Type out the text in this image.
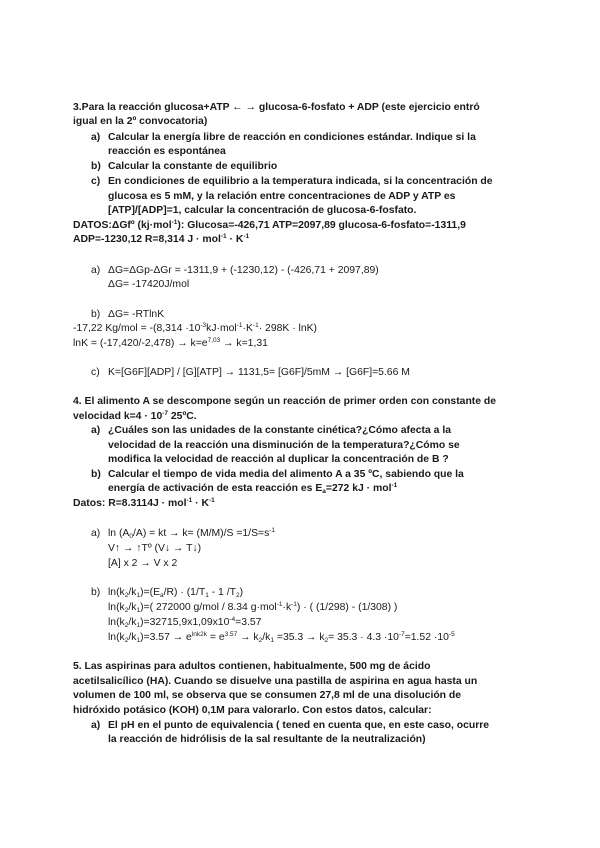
3.Para la reacción glucosa+ATP ← → glucosa-6-fosfato + ADP (este ejercicio entró
igual en la 2º convocatoria)
a) Calcular la energía libre de reacción en condiciones estándar. Indique si la
reacción es espontánea
b) Calcular la constante de equilibrio
c) En condiciones de equilibrio a la temperatura indicada, si la concentración de
glucosa es 5 mM, y la relación entre concentraciones de ADP y ATP es
[ATP]/[ADP]=1, calcular la concentración de glucosa-6-fosfato.
DATOS:ΔGfº (kj·mol$^{-1}$): Glucosa=-426,71 ATP=2097,89 glucosa-6-fosfato=-1311,9
ADP=-1230,12 R=8,314 $J \cdot mol^{-1} \cdot K^{-1}$
a) ΔG=ΔGp-ΔGr = -1311,9 + (-1230,12) - (-426,71 + 2097,89)
ΔG= -17420J/mol
b) ΔG= -RTlnK
-17,22 $Kg/mol = -(8,314 \cdot 10^{-3}kJ\cdot mol^{-1}\cdot K^{-1}\cdot 298K \cdot \ln K)$
$\ln K = (-17,420/-2,478) \to k=e^{7,03} \to k=1,31$
c) K=[G6F][ADP] / [G][ATP] → 1131,5= [G6F]/5mM → [G6F]=5.66 M
4. El alimento A se descompone según un reacción de primer orden con constante de
velocidad $k=4 \cdot 10^{-7}$ 25ºC.
a) ¿Cuáles son las unidades de la constante cinética?¿Cómo afecta a la
velocidad de la reacción una disminución de la temperatura?¿Cómo se
modifica la velocidad de reacción al duplicar la concentración de B ?
b) Calcular el tiempo de vida media del alimento A a 35 ºC, sabiendo que la
energía de activación de esta reacción es $E_a=272$ kJ · mol$^{-1}$
Datos: $R=8.3114J \cdot mol^{-1} \cdot K^{-1}$
a) $\ln (A_0/A)$ = kt → $k= (M/M)/S =1/S=s^{-1}$
V↑ → ↑Tº (V↓ → T↓)
[A] x 2 → V x 2
b) $\ln(k_2/k_1)=(E_a/R) \cdot (1/T_1 - 1$ $/T_2$)
$\ln(k_2/k_1)=$( 272000 g/mol / 8.34 $g\cdot mol^{-1}\cdot k^{-1}$) · ( (1/298) - (1/308) )
$\ln(k_2/k_1)=32715,9x1,09x10^{-4}=3.57$
$\ln(k_2/k_1)=3.57 \to e^{lnk2k} = e^{3.57} \to k_2/k_1 =35.3 \to k_2= 35.3 \cdot 4.3 \cdot 10^{-7}=1.52 \cdot 10^{-5}$
5. Las aspirinas para adultos contienen, habitualmente, 500 mg de ácido
acetilsalicílico (HA). Cuando se disuelve una pastilla de aspirina en agua hasta un
volumen de 100 ml, se observa que se consumen 27,8 ml de una disolución de
hidróxido potásico (KOH) 0,1M para valorarlo. Con estos datos, calcular:
a) El pH en el punto de equivalencia ( tened en cuenta que, en este caso, ocurre
la reacción de hidrólisis de la sal resultante de la neutralización)
